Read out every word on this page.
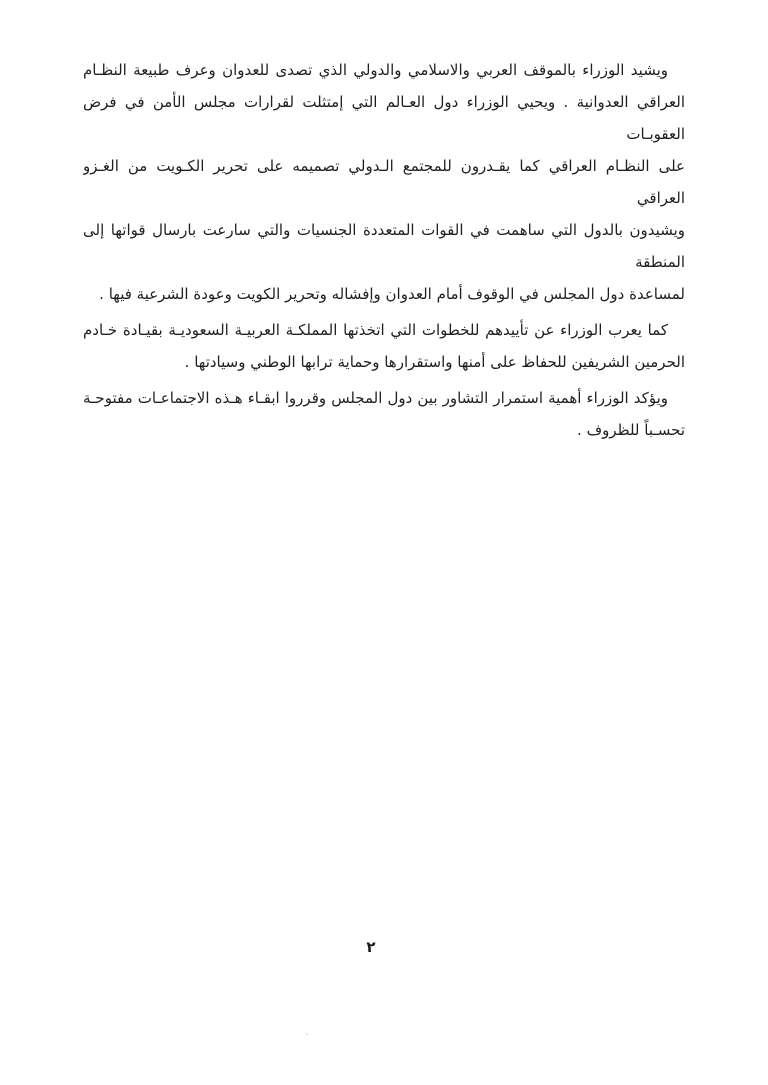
ويشيد الوزراء بالموقف العربي والاسلامي والدولي الذي تصدى للعدوان وعرف طبيعة النظـام
العراقي العدوانية . ويحيي الوزراء دول العـالم التي إمتثلت لقرارات مجلس الأمن في فرض العقوبـات
على النظـام العراقي كما يقـدرون للمجتمع الـدولي تصميمه على تحرير الكـويت من الغـزو العراقي
ويشيدون بالدول التي ساهمت في القوات المتعددة الجنسيات والتي سارعت بارسال قواتها إلى المنطقة
لمساعدة دول المجلس في الوقوف أمام العدوان وإفشاله وتحرير الكويت وعودة الشرعية فيها .
كما يعرب الوزراء عن تأييدهم للخطوات التي اتخذتها المملكـة العربيـة السعوديـة بقيـادة خـادم
الحرمين الشريفين للحفاظ على أمنها واستقرارها وحماية ترابها الوطني وسيادتها .
ويؤكد الوزراء أهمية استمرار التشاور بين دول المجلس وقرروا ابقـاء هـذه الاجتماعـات مفتوحـة
تحسـباً للظروف .
٢
